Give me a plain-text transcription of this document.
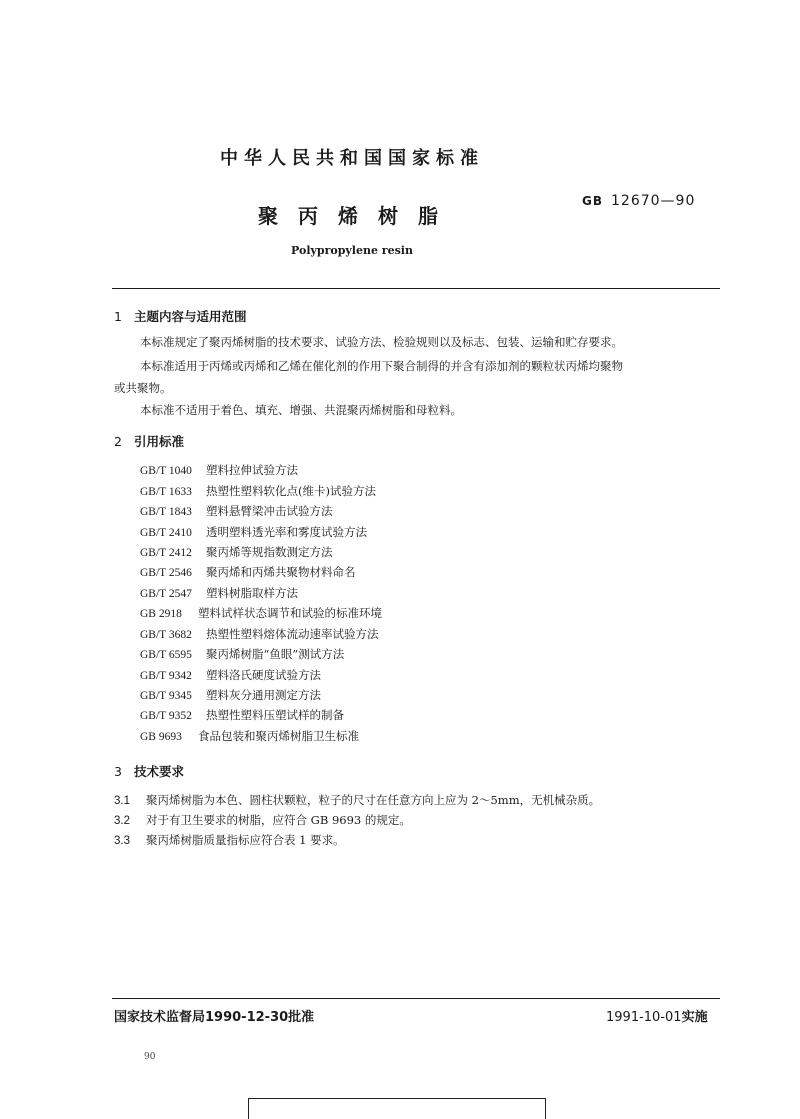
中华人民共和国国家标准
聚丙烯树脂
GB 12670—90
Polypropylene resin
1 主题内容与适用范围
本标准规定了聚丙烯树脂的技术要求、试验方法、检验规则以及标志、包装、运输和贮存要求。
本标准适用于丙烯或丙烯和乙烯在催化剂的作用下聚合制得的并含有添加剂的颗粒状丙烯均聚物
或共聚物。
本标准不适用于着色、填充、增强、共混聚丙烯树脂和母粒料。
2 引用标准
GB/T 1040 塑料拉伸试验方法
GB/T 1633 热塑性塑料软化点(维卡)试验方法
GB/T 1843 塑料悬臂梁冲击试验方法
GB/T 2410 透明塑料透光率和雾度试验方法
GB/T 2412 聚丙烯等规指数测定方法
GB/T 2546 聚丙烯和丙烯共聚物材料命名
GB/T 2547 塑料树脂取样方法
GB 2918 塑料试样状态调节和试验的标准环境
GB/T 3682 热塑性塑料熔体流动速率试验方法
GB/T 6595 聚丙烯树脂“鱼眼”测试方法
GB/T 9342 塑料洛氏硬度试验方法
GB/T 9345 塑料灰分通用测定方法
GB/T 9352 热塑性塑料压塑试样的制备
GB 9693 食品包装和聚丙烯树脂卫生标准
3 技术要求
3.1 聚丙烯树脂为本色、圆柱状颗粒，粒子的尺寸在任意方向上应为 2～5mm，无机械杂质。
3.2 对于有卫生要求的树脂，应符合 GB 9693 的规定。
3.3 聚丙烯树脂质量指标应符合表 1 要求。
国家技术监督局1990-12-30批准	1991-10-01实施
90
